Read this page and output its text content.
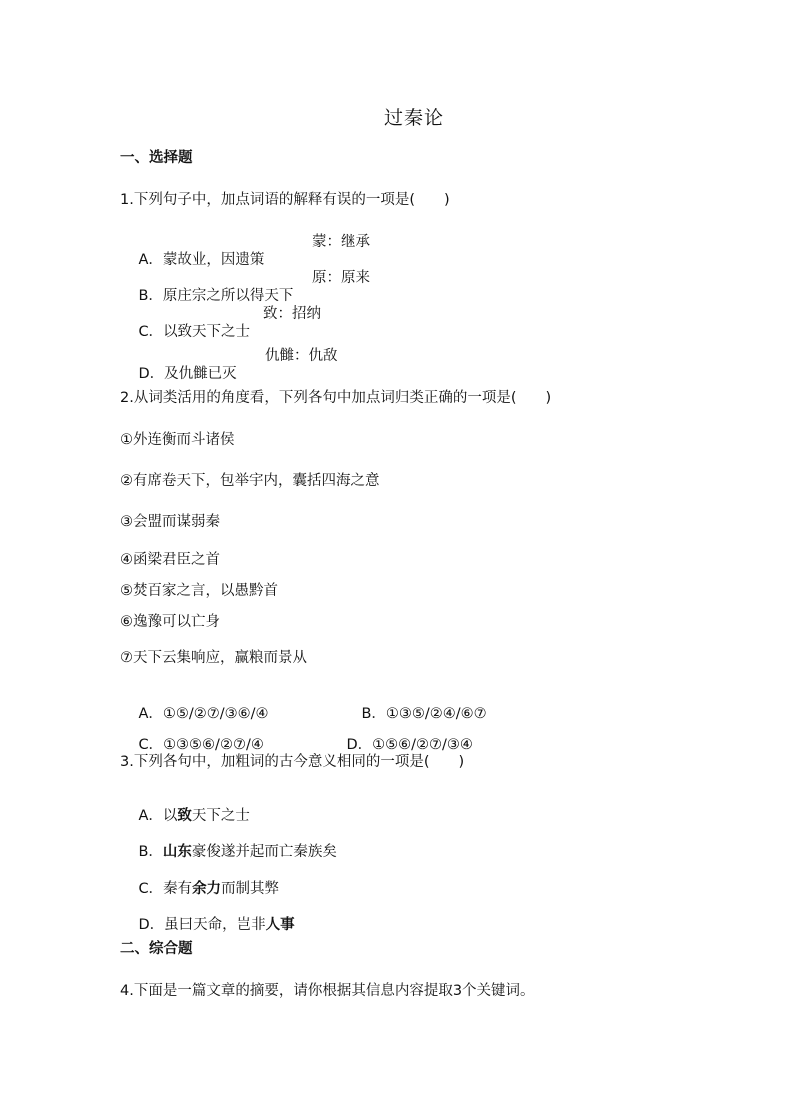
过秦论
一、选择题
1.下列句子中，加点词语的解释有误的一项是(　　)

A．蒙故业，因遗策

蒙：继承

B．原庄宗之所以得天下

原：原来

C．以致天下之士

致：招纳

D．及仇雠已灭

仇雠：仇敌
2.从词类活用的角度看，下列各句中加点词归类正确的一项是(　　)
①外连衡而斗诸侯
②有席卷天下，包举宇内，囊括四海之意
③会盟而谋弱秦
④函梁君臣之首
⑤焚百家之言，以愚黔首
⑥逸豫可以亡身
⑦天下云集响应，赢粮而景从

A．①⑤/②⑦/③⑥/④
	B．①③⑤/②④/⑥⑦

C．①③⑤⑥/②⑦/④
	D．①⑤⑥/②⑦/③④

3.下列各句中，加粗词的古今意义相同的一项是(　　)

A．以致天下之士

B．山东豪俊遂并起而亡秦族矣

C．秦有余力而制其弊

D．虽曰天命，岂非人事

二、综合题
4.下面是一篇文章的摘要，请你根据其信息内容提取3个关键词。
